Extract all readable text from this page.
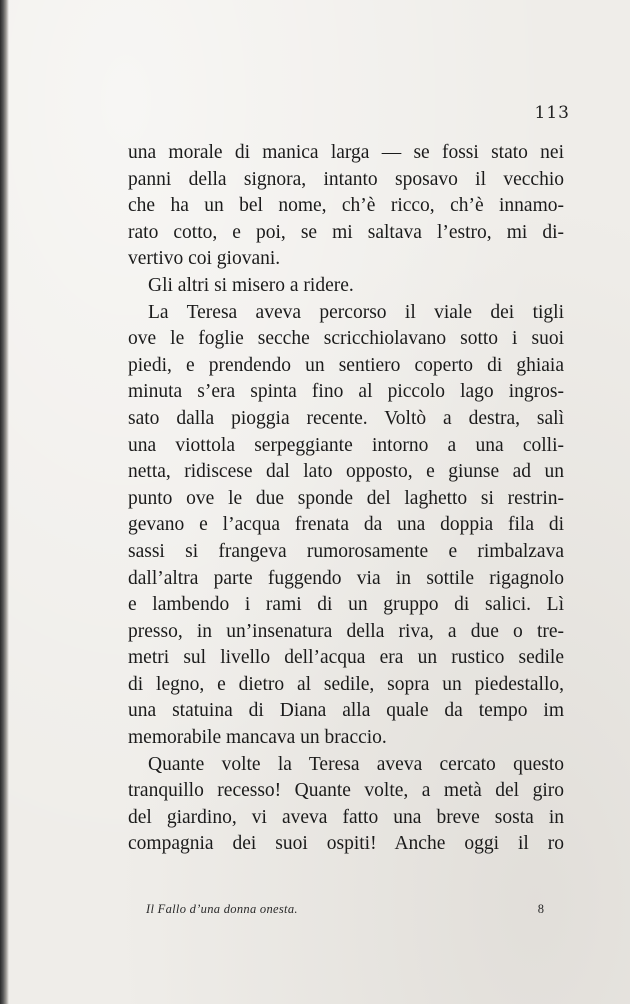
113
una morale di manica larga — se fossi stato nei
panni della signora, intanto sposavo il vecchio
che ha un bel nome, ch’è ricco, ch’è innamo-
rato cotto, e poi, se mi saltava l’estro, mi di-
vertivo coi giovani.
Gli altri si misero a ridere.
La Teresa aveva percorso il viale dei tigli
ove le foglie secche scricchiolavano sotto i suoi
piedi, e prendendo un sentiero coperto di ghiaia
minuta s’era spinta fino al piccolo lago ingros-
sato dalla pioggia recente. Voltò a destra, salì
una viottola serpeggiante intorno a una colli-
netta, ridiscese dal lato opposto, e giunse ad un
punto ove le due sponde del laghetto si restrin-
gevano e l’acqua frenata da una doppia fila di
sassi si frangeva rumorosamente e rimbalzava
dall’altra parte fuggendo via in sottile rigagnolo
e lambendo i rami di un gruppo di salici. Lì
presso, in un’insenatura della riva, a due o tre-
metri sul livello dell’acqua era un rustico sedile
di legno, e dietro al sedile, sopra un piedestallo,
una statuina di Diana alla quale da tempo im
memorabile mancava un braccio.
Quante volte la Teresa aveva cercato questo
tranquillo recesso! Quante volte, a metà del giro
del giardino, vi aveva fatto una breve sosta in
compagnia dei suoi ospiti! Anche oggi il ro
Il Fallo d’una donna onesta.	8
